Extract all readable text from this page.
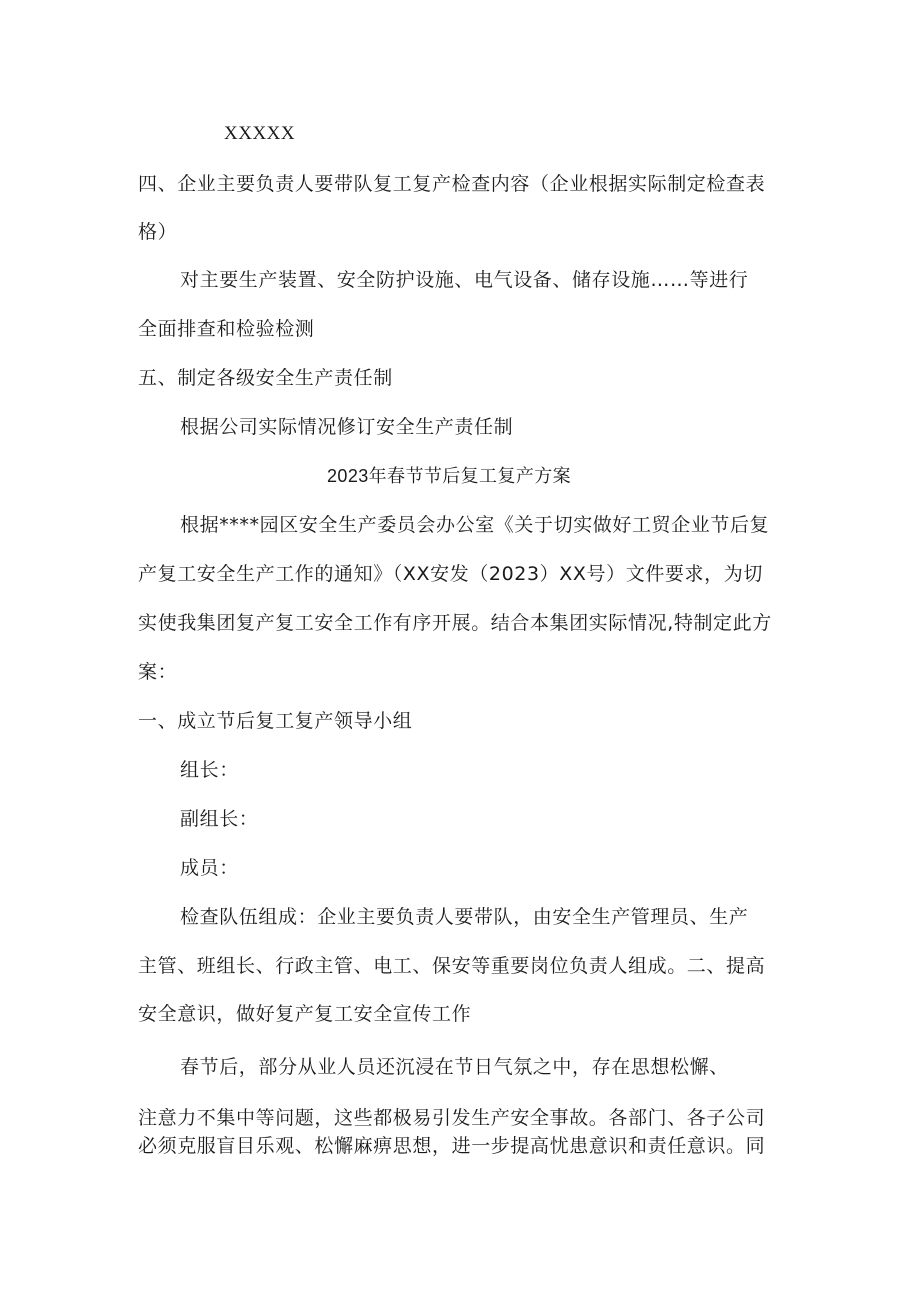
XXXXX
四、企业主要负责人要带队复工复产检查内容（企业根据实际制定检查表
格）
对主要生产装置、安全防护设施、电气设备、储存设施……等进行
全面排查和检验检测
五、制定各级安全生产责任制
根据公司实际情况修订安全生产责任制
2023年春节节后复工复产方案
根据****园区安全生产委员会办公室《关于切实做好工贸企业节后复
产复工安全生产工作的通知》（XX安发（2023）XX号）文件要求，为切
实使我集团复产复工安全工作有序开展。结合本集团实际情况,特制定此方
案：
一、成立节后复工复产领导小组
组长：
副组长：
成员：
检查队伍组成：企业主要负责人要带队，由安全生产管理员、生产
主管、班组长、行政主管、电工、保安等重要岗位负责人组成。二、提高
安全意识，做好复产复工安全宣传工作
春节后，部分从业人员还沉浸在节日气氛之中，存在思想松懈、
注意力不集中等问题，这些都极易引发生产安全事故。各部门、各子公司
必须克服盲目乐观、松懈麻痹思想，进一步提高忧患意识和责任意识。同
